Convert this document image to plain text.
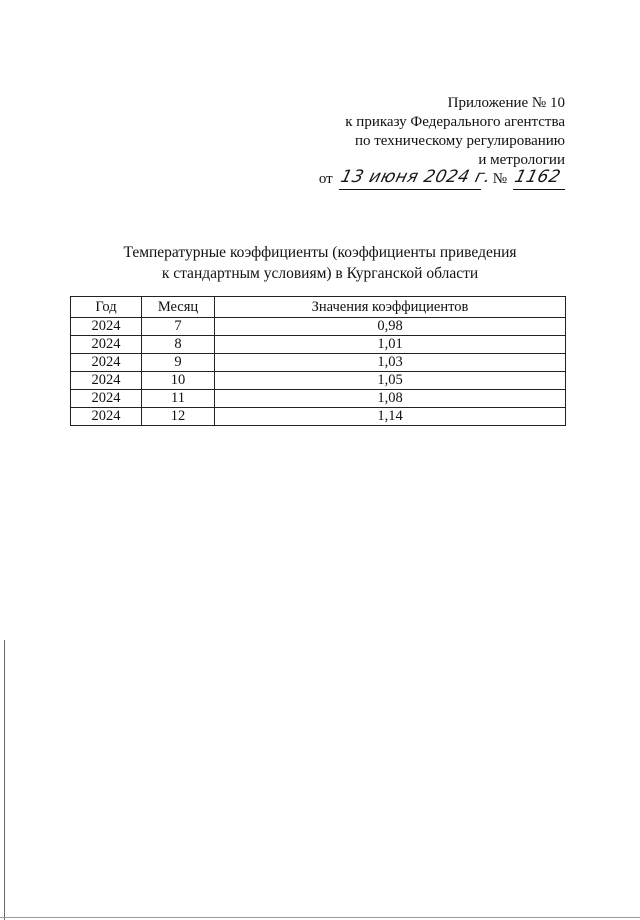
Приложение № 10
к приказу Федерального агентства
по техническому регулированию
и метрологии
от 13 июня 2024 г. № 1162
Температурные коэффициенты (коэффициенты приведения
к стандартным условиям) в Курганской области
Год	Месяц	Значения коэффициентов
2024	7	0,98
2024	8	1,01
2024	9	1,03
2024	10	1,05
2024	11	1,08
2024	12	1,14
